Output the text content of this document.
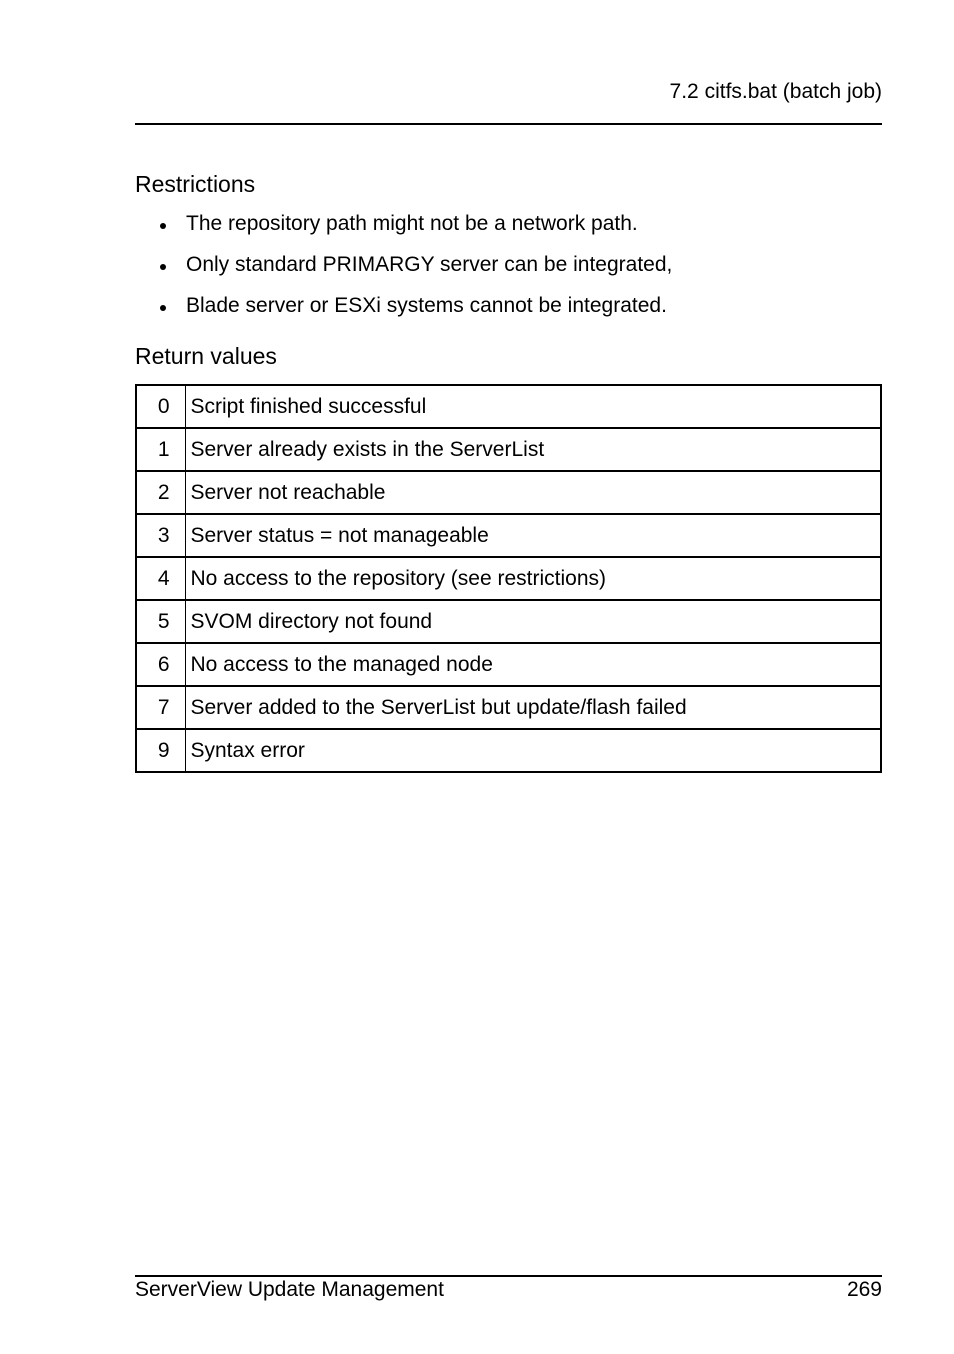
7.2 citfs.bat (batch job)
Restrictions
The repository path might not be a network path.
Only standard PRIMARGY server can be integrated,
Blade server or ESXi systems cannot be integrated.
Return values
0	Script finished successful
1	Server already exists in the ServerList
2	Server not reachable
3	Server status = not manageable
4	No access to the repository (see restrictions)
5	SVOM directory not found
6	No access to the managed node
7	Server added to the ServerList but update/flash failed
9	Syntax error
ServerView Update Management	269
